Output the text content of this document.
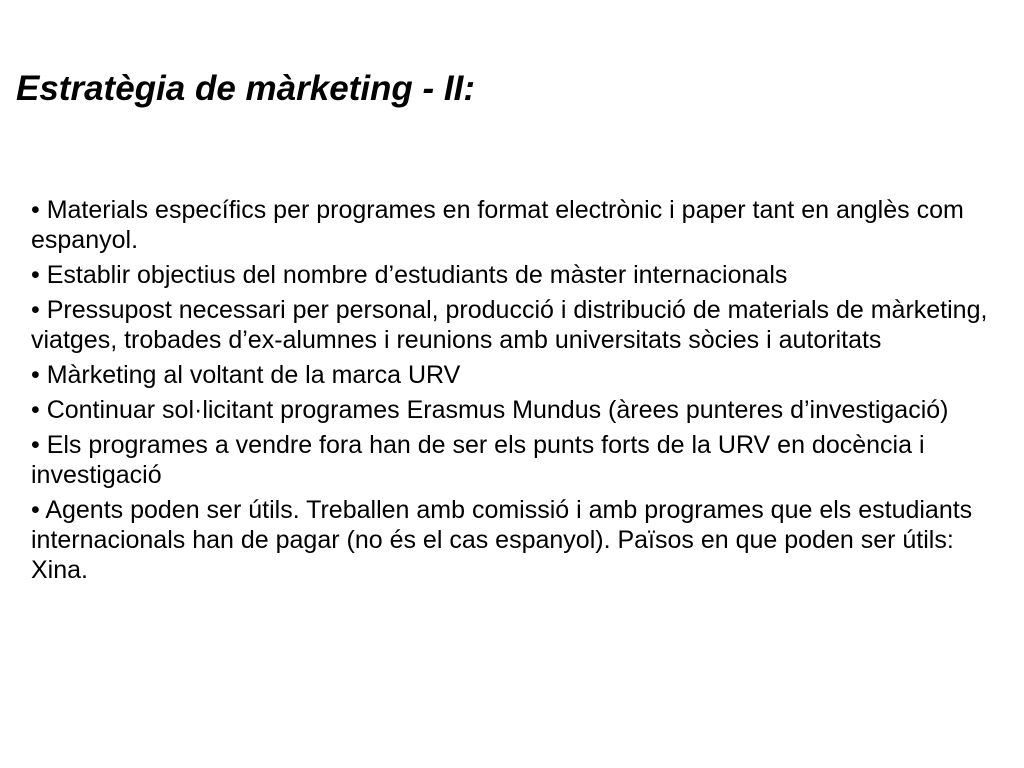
Estratègia de màrketing - II:
• Materials específics per programes en format electrònic i paper tant en anglès com espanyol.
• Establir objectius del nombre d’estudiants de màster internacionals
• Pressupost necessari per personal, producció i distribució de materials de màrketing, viatges, trobades d’ex-alumnes i reunions amb universitats sòcies i autoritats
• Màrketing al voltant de la marca URV
• Continuar sol·licitant programes Erasmus Mundus (àrees punteres d’investigació)
• Els programes a vendre fora han de ser els punts forts de la URV en docència i investigació
• Agents poden ser útils. Treballen amb comissió i amb programes que els estudiants internacionals han de pagar (no és el cas espanyol). Països en que poden ser útils: Xina.
